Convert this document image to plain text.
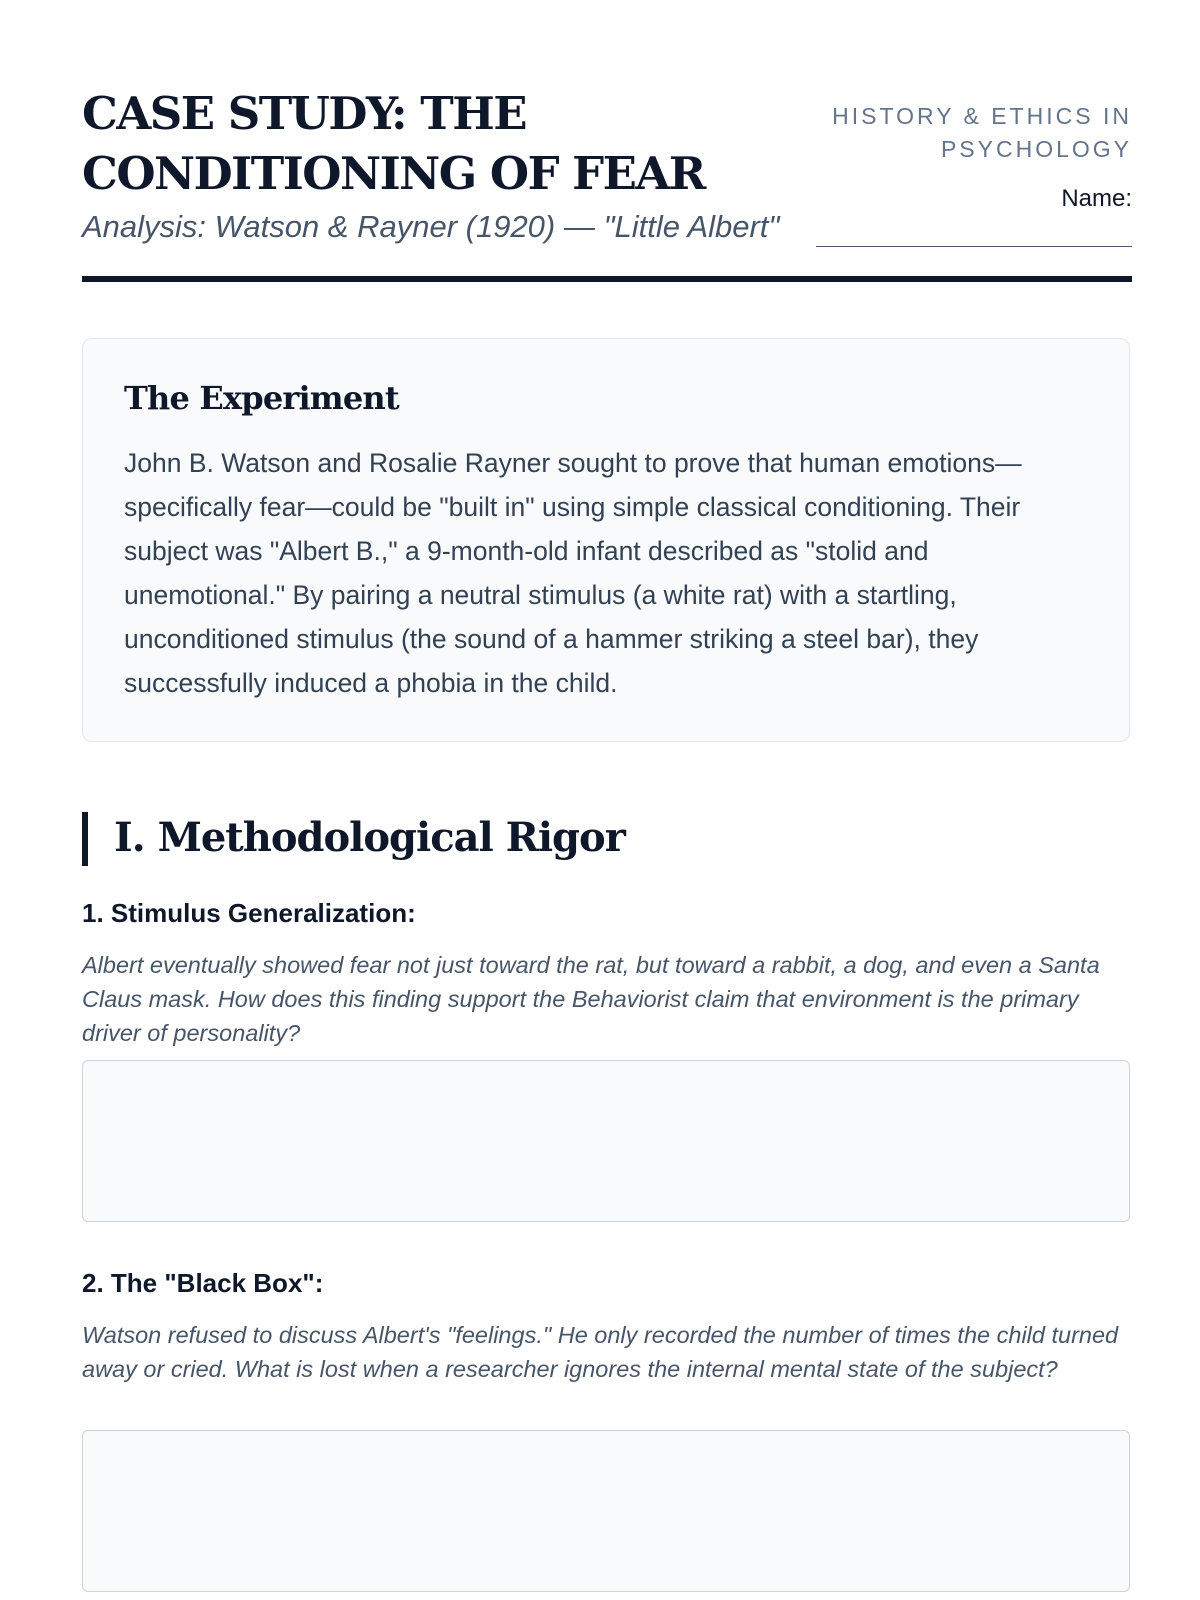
CASE STUDY: THE CONDITIONING OF FEAR

Analysis: Watson & Rayner (1920) — "Little Albert"

HISTORY & ETHICS IN PSYCHOLOGY
Name:
The Experiment

John B. Watson and Rosalie Rayner sought to prove that human emotions—specifically fear—could be "built in" using simple classical conditioning. Their subject was "Albert B.," a 9-month-old infant described as "stolid and unemotional." By pairing a neutral stimulus (a white rat) with a startling, unconditioned stimulus (the sound of a hammer striking a steel bar), they successfully induced a phobia in the child.

I. Methodological Rigor
1. Stimulus Generalization:

Albert eventually showed fear not just toward the rat, but toward a rabbit, a dog, and even a Santa Claus mask. How does this finding support the Behaviorist claim that environment is the primary driver of personality?

2. The "Black Box":

Watson refused to discuss Albert's "feelings." He only recorded the number of times the child turned away or cried. What is lost when a researcher ignores the internal mental state of the subject?
